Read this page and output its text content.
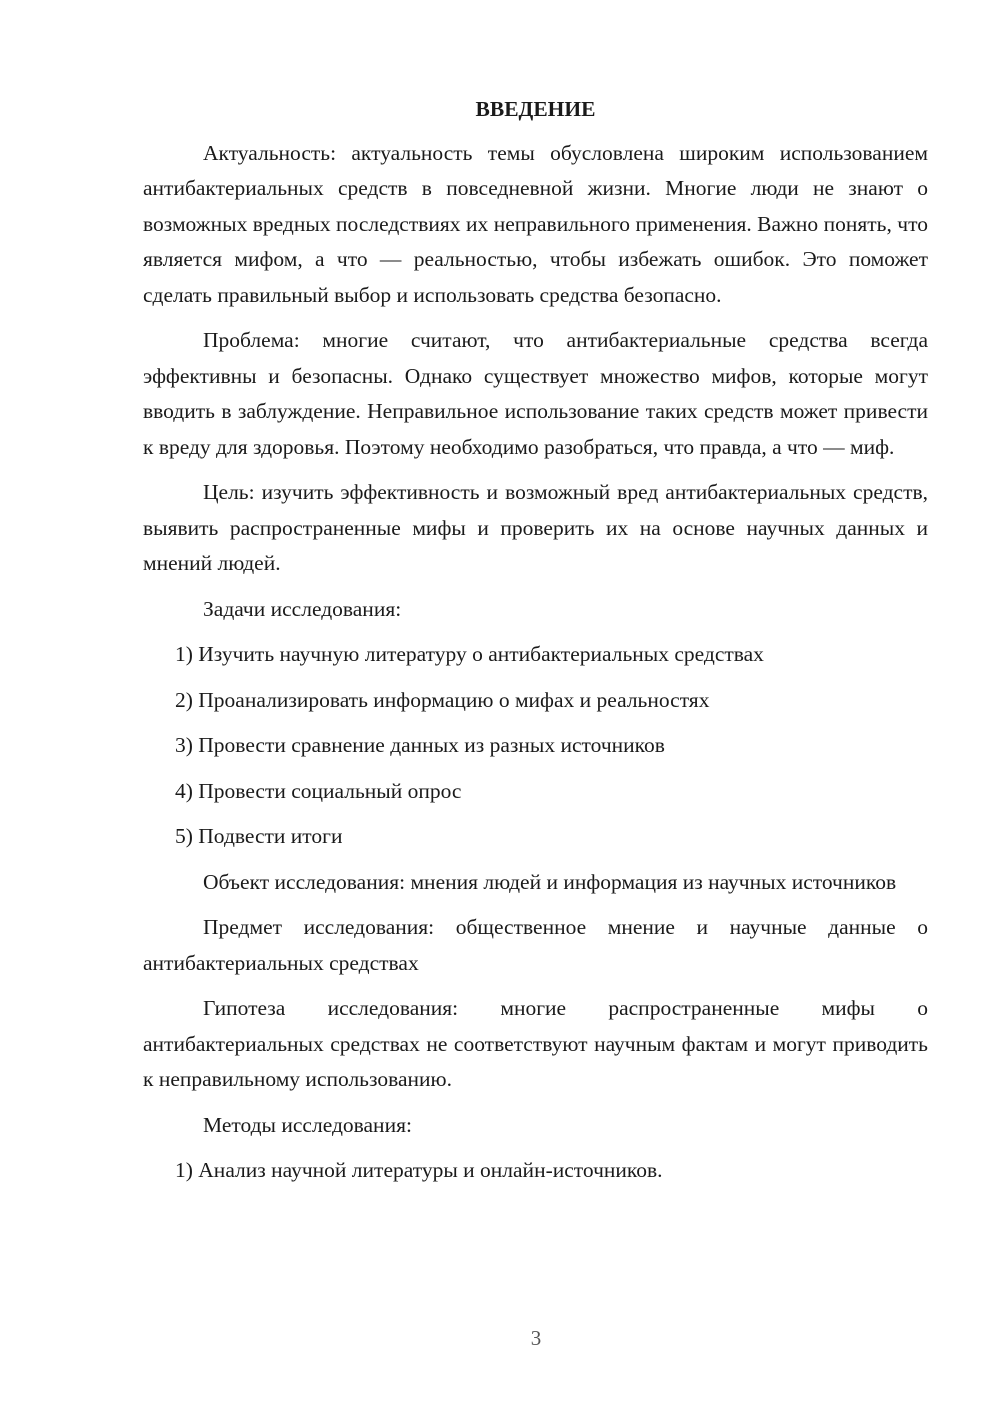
ВВЕДЕНИЕ

Актуальность: актуальность темы обусловлена широким использованием антибактериальных средств в повседневной жизни. Многие люди не знают о возможных вредных последствиях их неправильного применения. Важно понять, что является мифом, а что — реальностью, чтобы избежать ошибок. Это поможет сделать правильный выбор и использовать средства безопасно.

Проблема: многие считают, что антибактериальные средства всегда эффективны и безопасны. Однако существует множество мифов, которые могут вводить в заблуждение. Неправильное использование таких средств может привести к вреду для здоровья. Поэтому необходимо разобраться, что правда, а что — миф.

Цель: изучить эффективность и возможный вред антибактериальных средств, выявить распространенные мифы и проверить их на основе научных данных и мнений людей.

Задачи исследования:

1) Изучить научную литературу о антибактериальных средствах

2) Проанализировать информацию о мифах и реальностях

3) Провести сравнение данных из разных источников

4) Провести социальный опрос

5) Подвести итоги

Объект исследования: мнения людей и информация из научных источников

Предмет исследования: общественное мнение и научные данные о антибактериальных средствах

Гипотеза исследования: многие распространенные мифы о антибактериальных средствах не соответствуют научным фактам и могут приводить к неправильному использованию.

Методы исследования:

1) Анализ научной литературы и онлайн-источников.

3
